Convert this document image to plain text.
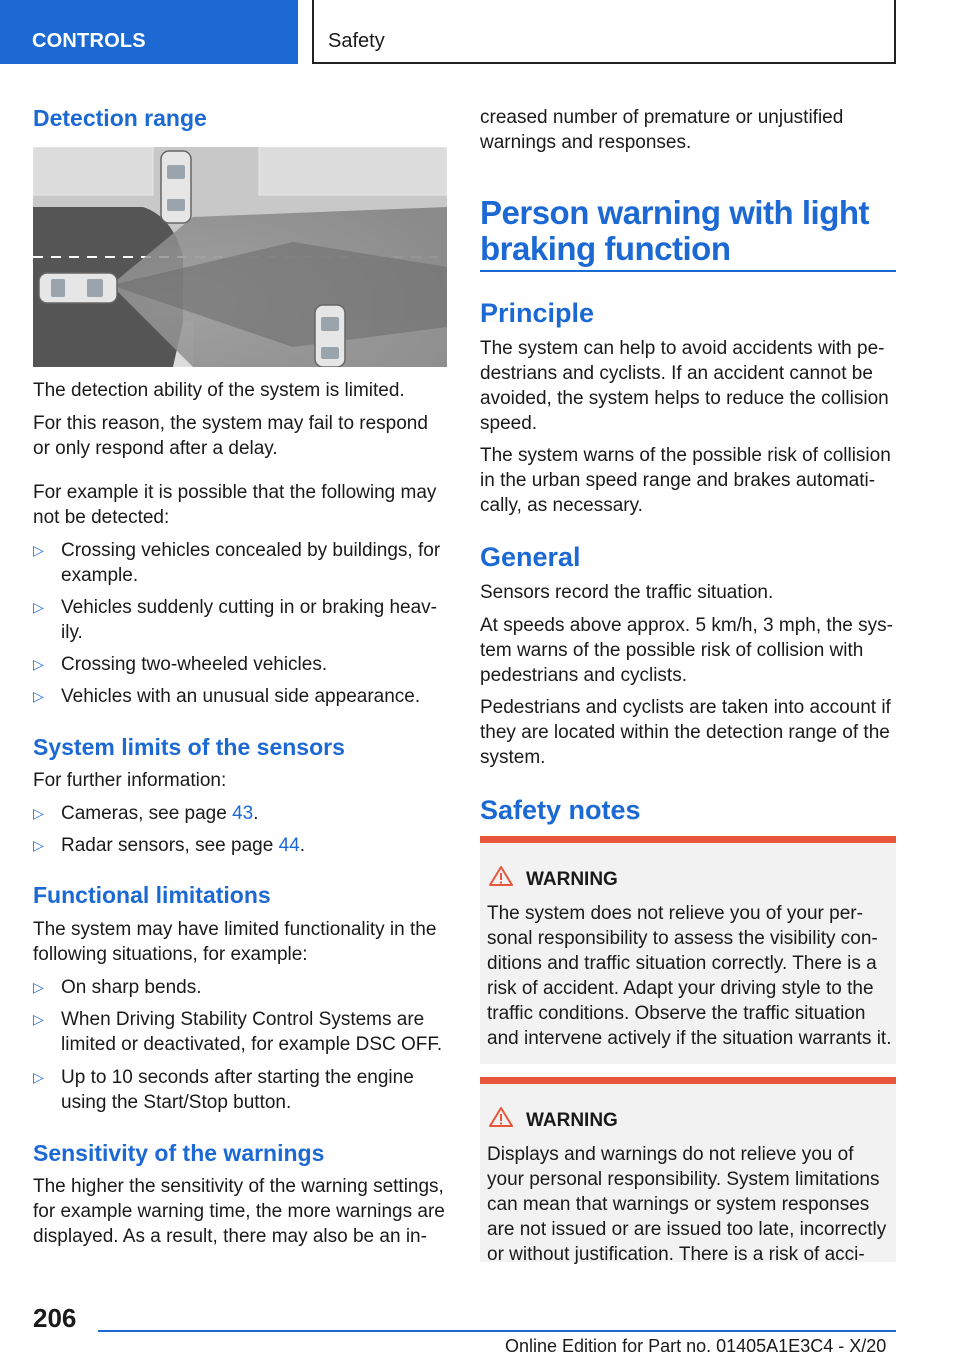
CONTROLS	Safety
Detection range
The detection ability of the system is limited.
For this reason, the system may fail to respond
or only respond after a delay.
For example it is possible that the following may
not be detected:
▷ Crossing vehicles concealed by buildings, for
example.
▷ Vehicles suddenly cutting in or braking heav-
ily.
▷ Crossing two-wheeled vehicles.
▷ Vehicles with an unusual side appearance.
System limits of the sensors
For further information:
▷ Cameras, see page 43.
▷ Radar sensors, see page 44.
Functional limitations
The system may have limited functionality in the
following situations, for example:
▷ On sharp bends.
▷ When Driving Stability Control Systems are
limited or deactivated, for example DSC OFF.
▷ Up to 10 seconds after starting the engine
using the Start/Stop button.
Sensitivity of the warnings
The higher the sensitivity of the warning settings,
for example warning time, the more warnings are
displayed. As a result, there may also be an in-
creased number of premature or unjustified
warnings and responses.
Person warning with light
braking function
Principle
The system can help to avoid accidents with pe-
destrians and cyclists. If an accident cannot be
avoided, the system helps to reduce the collision
speed.
The system warns of the possible risk of collision
in the urban speed range and brakes automati-
cally, as necessary.
General
Sensors record the traffic situation.
At speeds above approx. 5 km/h, 3 mph, the sys-
tem warns of the possible risk of collision with
pedestrians and cyclists.
Pedestrians and cyclists are taken into account if
they are located within the detection range of the
system.
Safety notes
WARNING
The system does not relieve you of your per-
sonal responsibility to assess the visibility con-
ditions and traffic situation correctly. There is a
risk of accident. Adapt your driving style to the
traffic conditions. Observe the traffic situation
and intervene actively if the situation warrants it.
WARNING
Displays and warnings do not relieve you of
your personal responsibility. System limitations
can mean that warnings or system responses
are not issued or are issued too late, incorrectly
or without justification. There is a risk of acci-
206
Online Edition for Part no. 01405A1E3C4 - X/20
